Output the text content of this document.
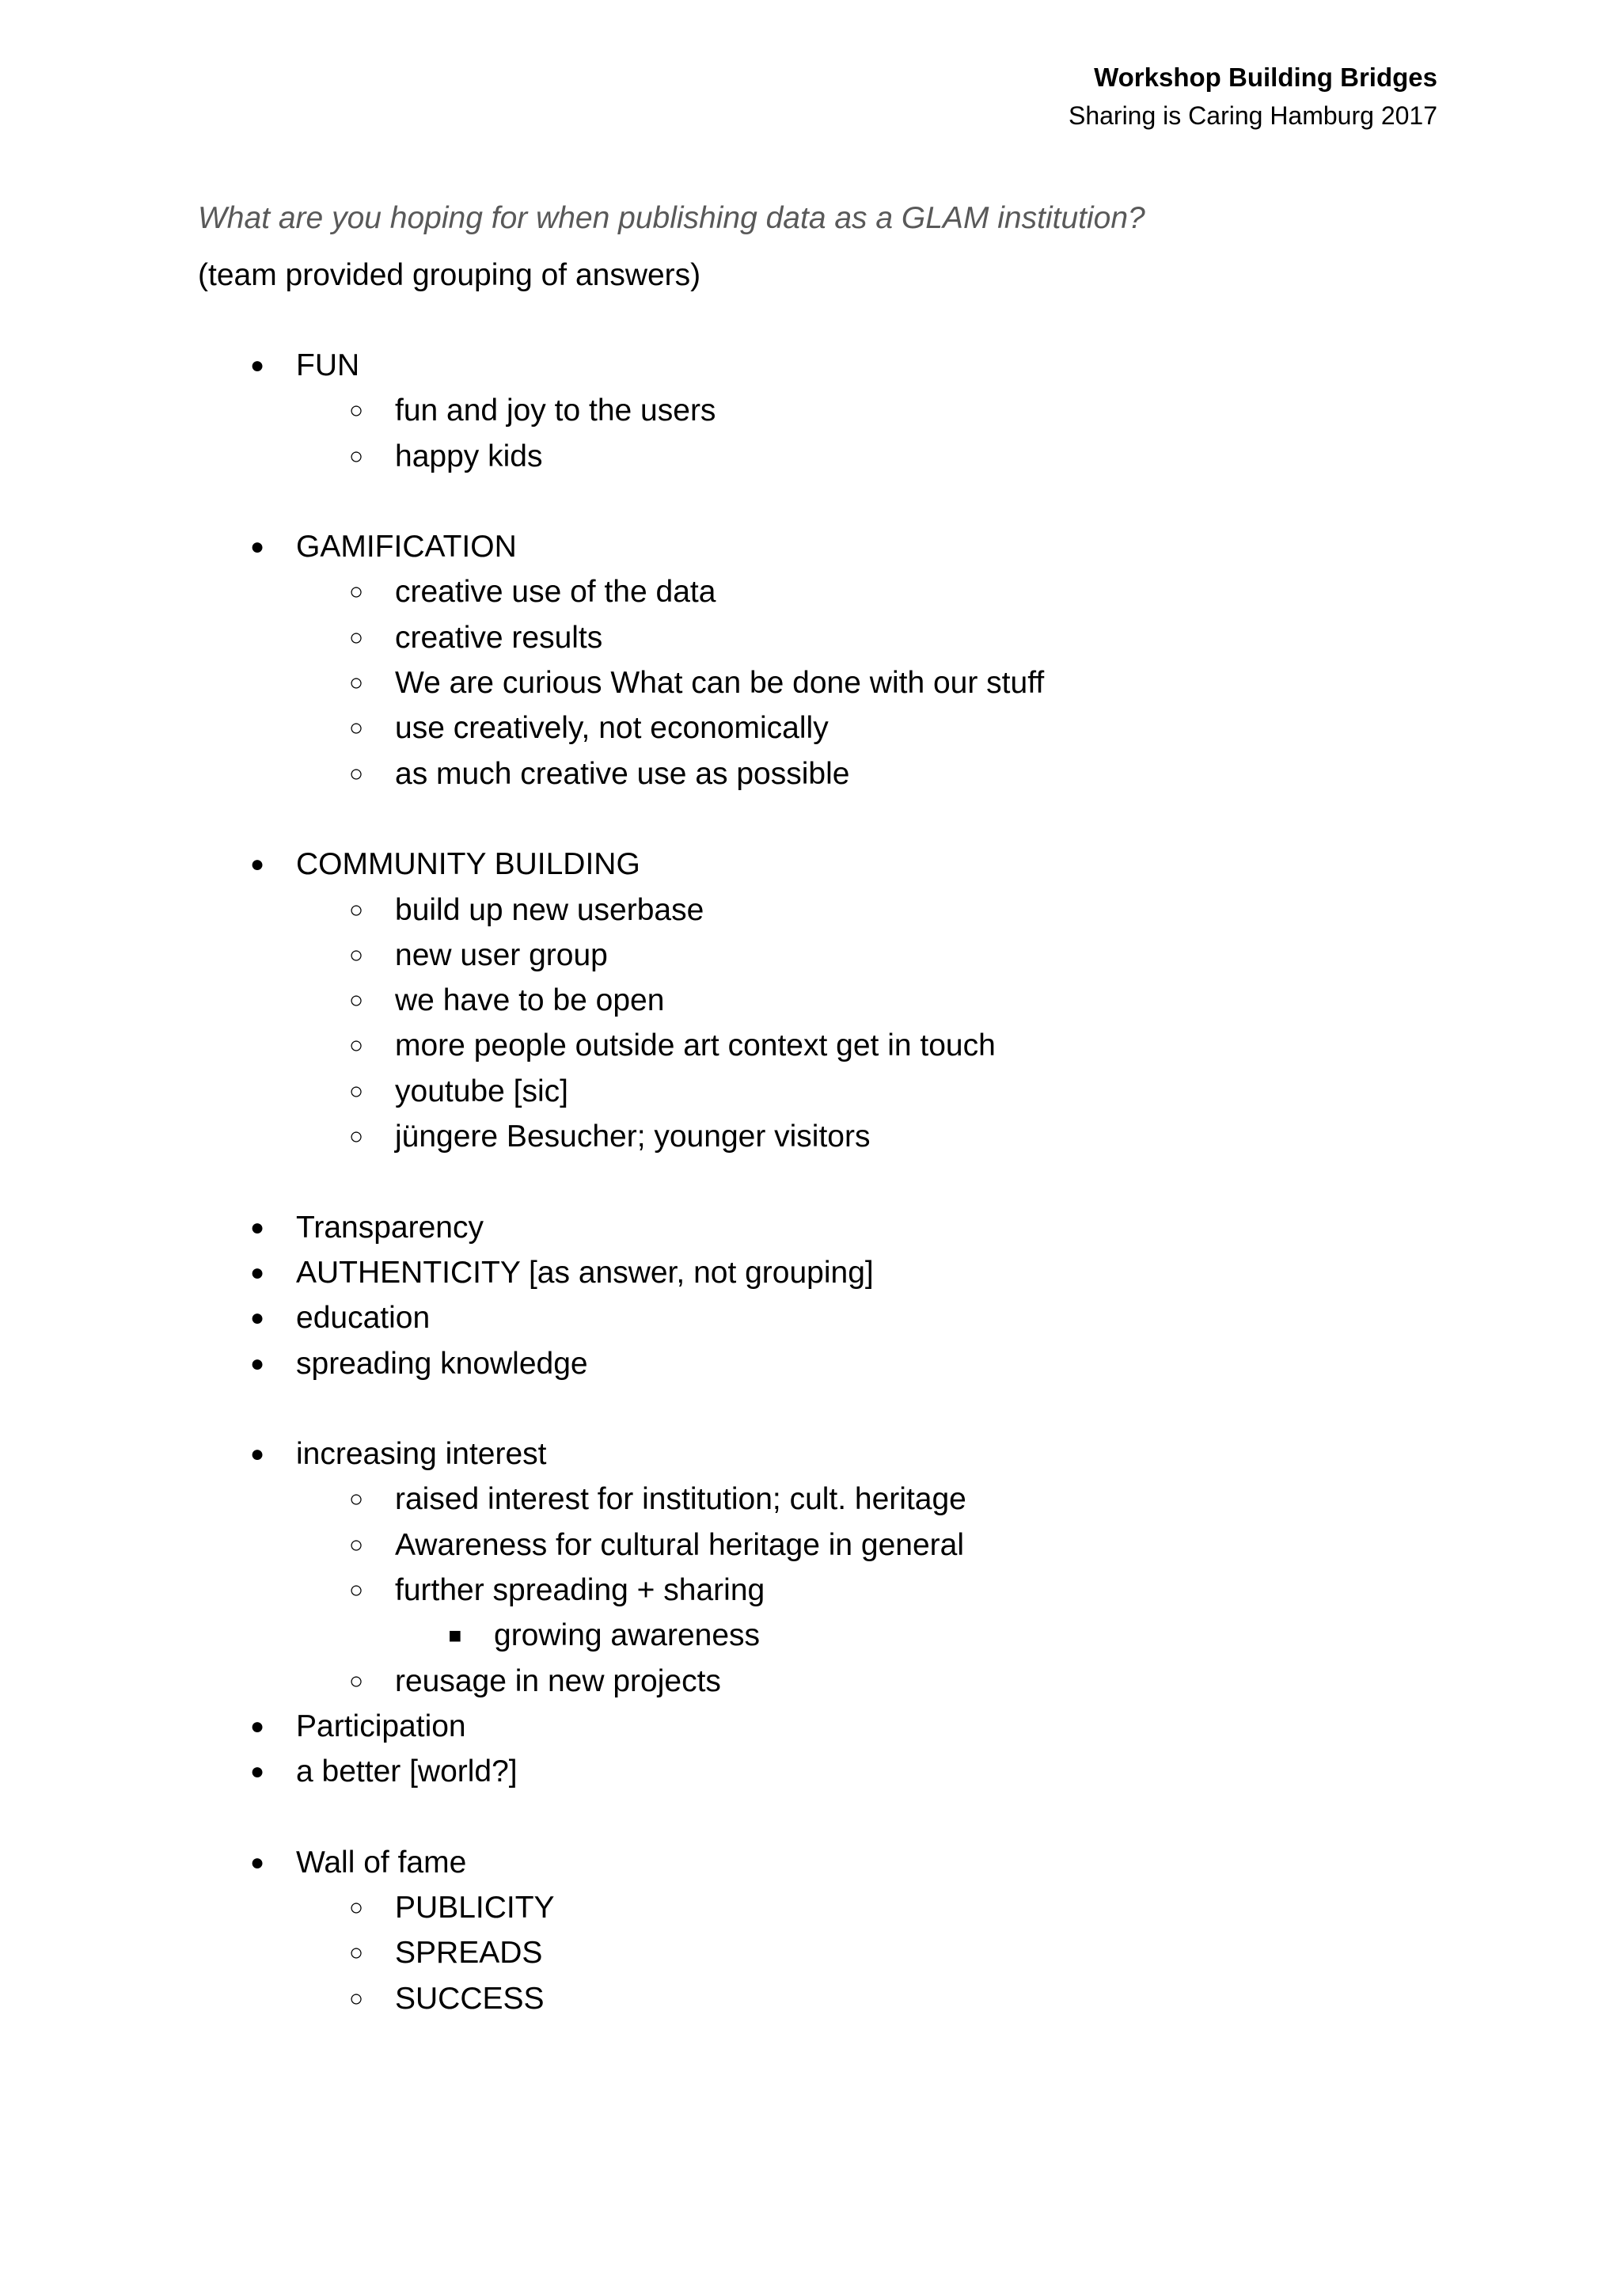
Workshop Building Bridges
Sharing is Caring Hamburg 2017
What are you hoping for when publishing data as a GLAM institution?
(team provided grouping of answers)
● FUN
○ fun and joy to the users
○ happy kids
● GAMIFICATION
○ creative use of the data
○ creative results
○ We are curious What can be done with our stuff
○ use creatively, not economically
○ as much creative use as possible
● COMMUNITY BUILDING
○ build up new userbase
○ new user group
○ we have to be open
○ more people outside art context get in touch
○ youtube [sic]
○ jüngere Besucher; younger visitors
● Transparency
● AUTHENTICITY [as answer, not grouping]
● education
● spreading knowledge
● increasing interest
○ raised interest for institution; cult. heritage
○ Awareness for cultural heritage in general
○ further spreading + sharing
■ growing awareness
○ reusage in new projects
● Participation
● a better [world?]
● Wall of fame
○ PUBLICITY
○ SPREADS
○ SUCCESS
